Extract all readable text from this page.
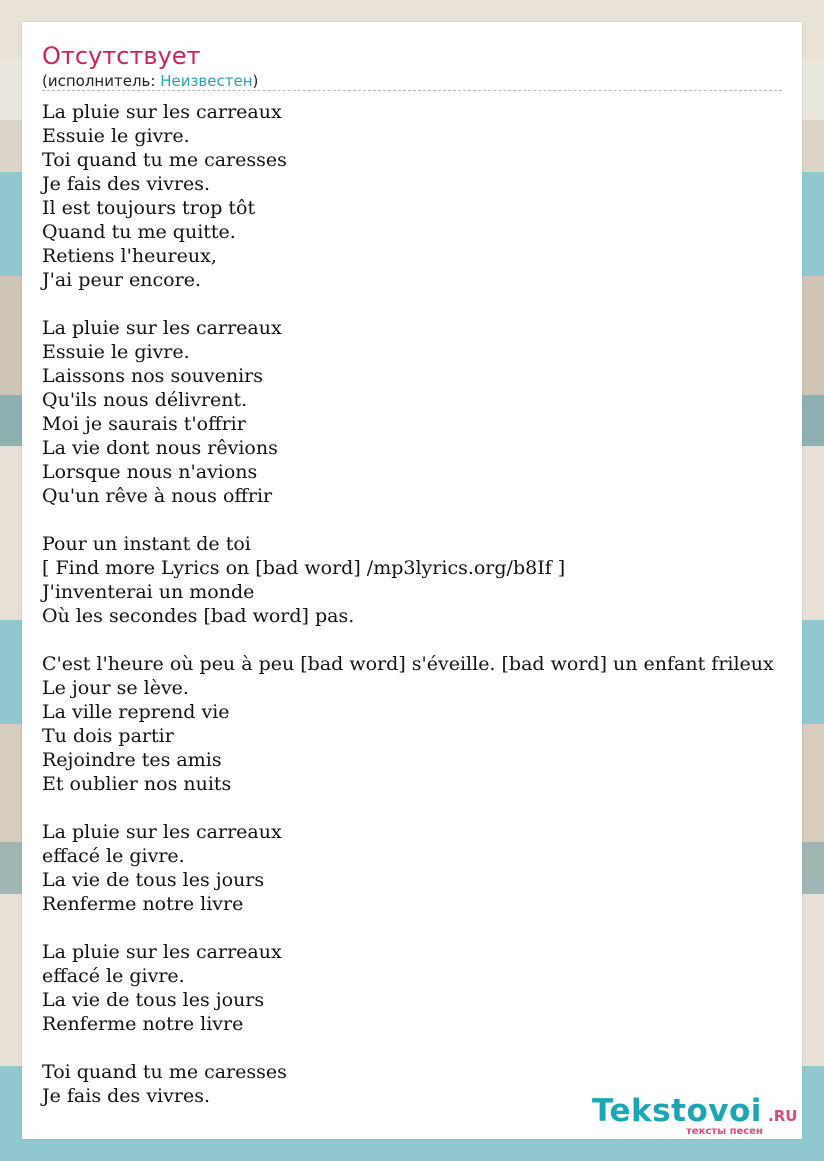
Отсутствует
(исполнитель: Неизвестен)
La pluie sur les carreaux
Essuie le givre.
Toi quand tu me caresses
Je fais des vivres.
Il est toujours trop tôt
Quand tu me quitte.
Retiens l'heureux,
J'ai peur encore.
La pluie sur les carreaux
Essuie le givre.
Laissons nos souvenirs
Qu'ils nous délivrent.
Moi je saurais t'offrir
La vie dont nous rêvions
Lorsque nous n'avions
Qu'un rêve à nous offrir
Pour un instant de toi
[ Find more Lyrics on [bad word] /mp3lyrics.org/b8If ]
J'inventerai un monde
Où les secondes [bad word] pas.
C'est l'heure où peu à peu [bad word] s'éveille. [bad word] un enfant frileux
Le jour se lève.
La ville reprend vie
Tu dois partir
Rejoindre tes amis
Et oublier nos nuits
La pluie sur les carreaux
effacé le givre.
La vie de tous les jours
Renferme notre livre
La pluie sur les carreaux
effacé le givre.
La vie de tous les jours
Renferme notre livre
Toi quand tu me caresses
Je fais des vivres.	Tekstovoi .RU
тексты песен
